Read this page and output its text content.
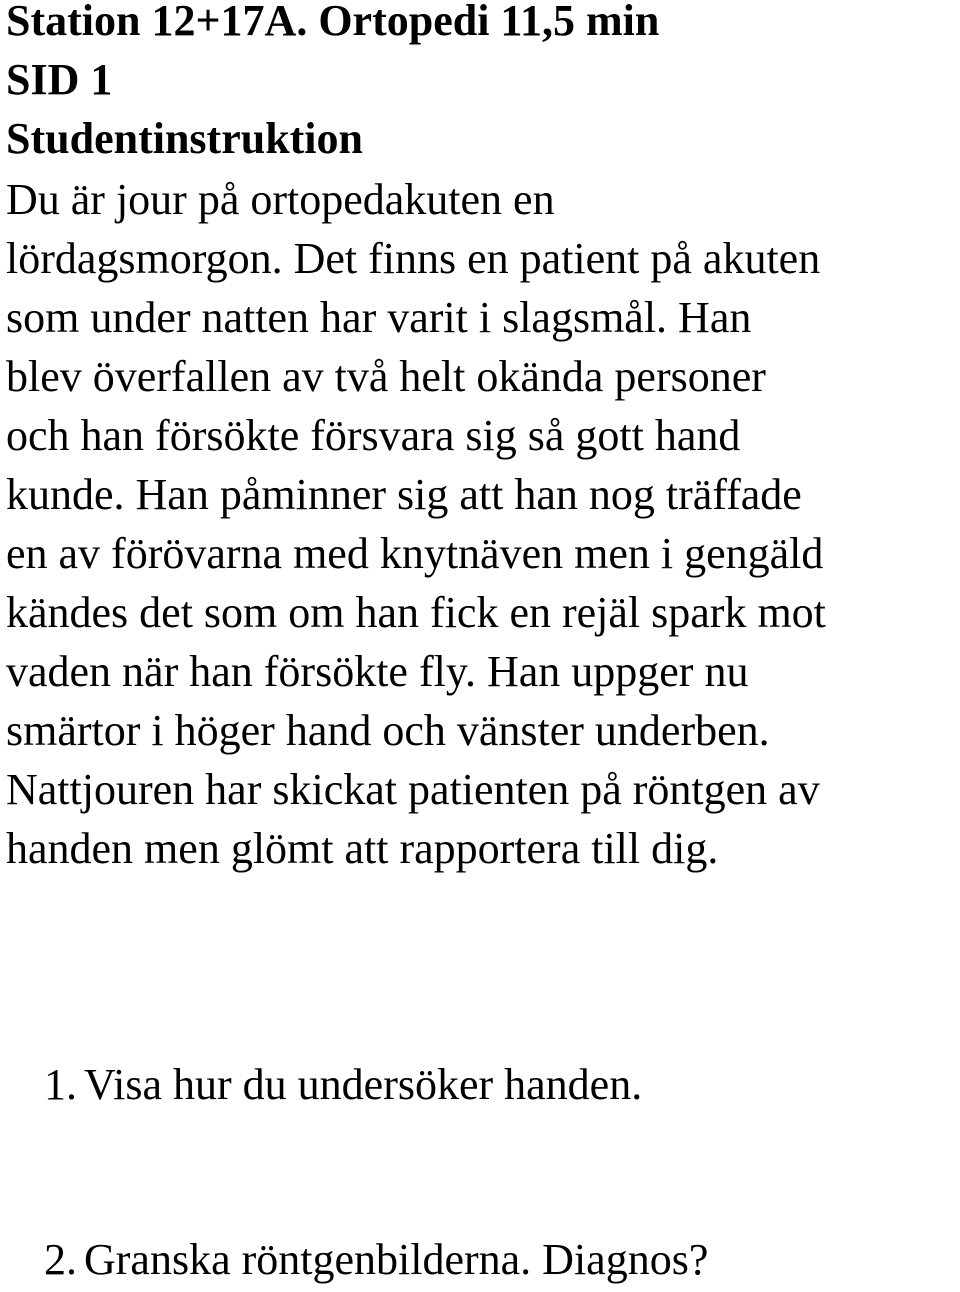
Station 12+17A. Ortopedi 11,5 min
SID 1
Studentinstruktion
Du är jour på ortopedakuten en
lördagsmorgon. Det finns en patient på akuten
som under natten har varit i slagsmål. Han
blev överfallen av två helt okända personer
och han försökte försvara sig så gott hand
kunde. Han påminner sig att han nog träffade
en av förövarna med knytnäven men i gengäld
kändes det som om han fick en rejäl spark mot
vaden när han försökte fly. Han uppger nu
smärtor i höger hand och vänster underben.
Nattjouren har skickat patienten på röntgen av
handen men glömt att rapportera till dig.
1. Visa hur du undersöker handen.
2. Granska röntgenbilderna. Diagnos?
